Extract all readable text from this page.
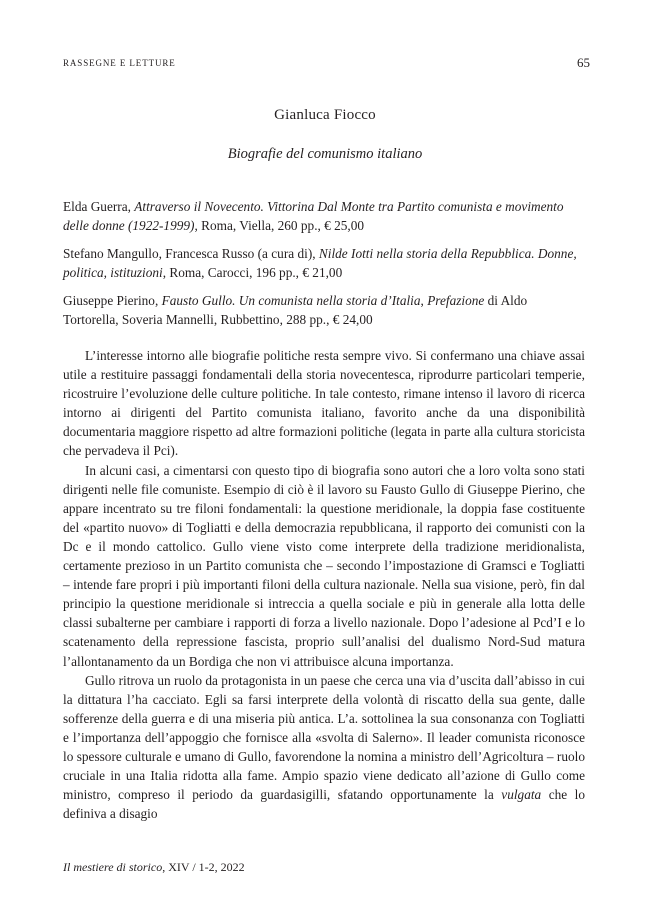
RASSEGNE E LETTURE	65
Gianluca Fiocco
Biografie del comunismo italiano

Elda Guerra, Attraverso il Novecento. Vittorina Dal Monte tra Partito comunista e movimento delle donne (1922-1999), Roma, Viella, 260 pp., € 25,00

Stefano Mangullo, Francesca Russo (a cura di), Nilde Iotti nella storia della Repubblica. Donne, politica, istituzioni, Roma, Carocci, 196 pp., € 21,00

Giuseppe Pierino, Fausto Gullo. Un comunista nella storia d’Italia, Prefazione di Aldo Tortorella, Soveria Mannelli, Rubbettino, 288 pp., € 24,00

L’interesse intorno alle biografie politiche resta sempre vivo. Si confermano una chiave assai utile a restituire passaggi fondamentali della storia novecentesca, riprodurre particolari temperie, ricostruire l’evoluzione delle culture politiche. In tale contesto, rimane intenso il lavoro di ricerca intorno ai dirigenti del Partito comunista italiano, favorito anche da una disponibilità documentaria maggiore rispetto ad altre formazioni politiche (legata in parte alla cultura storicista che pervadeva il Pci).

In alcuni casi, a cimentarsi con questo tipo di biografia sono autori che a loro volta sono stati dirigenti nelle file comuniste. Esempio di ciò è il lavoro su Fausto Gullo di Giuseppe Pierino, che appare incentrato su tre filoni fondamentali: la questione meridionale, la doppia fase costituente del «partito nuovo» di Togliatti e della democrazia repubblicana, il rapporto dei comunisti con la Dc e il mondo cattolico. Gullo viene visto come interprete della tradizione meridionalista, certamente prezioso in un Partito comunista che – secondo l’impostazione di Gramsci e Togliatti – intende fare propri i più importanti filoni della cultura nazionale. Nella sua visione, però, fin dal principio la questione meridionale si intreccia a quella sociale e più in generale alla lotta delle classi subalterne per cambiare i rapporti di forza a livello nazionale. Dopo l’adesione al Pcd’I e lo scatenamento della repressione fascista, proprio sull’analisi del dualismo Nord-Sud matura l’allontanamento da un Bordiga che non vi attribuisce alcuna importanza.

Gullo ritrova un ruolo da protagonista in un paese che cerca una via d’uscita dall’abisso in cui la dittatura l’ha cacciato. Egli sa farsi interprete della volontà di riscatto della sua gente, dalle sofferenze della guerra e di una miseria più antica. L’a. sottolinea la sua consonanza con Togliatti e l’importanza dell’appoggio che fornisce alla «svolta di Salerno». Il leader comunista riconosce lo spessore culturale e umano di Gullo, favorendone la nomina a ministro dell’Agricoltura – ruolo cruciale in una Italia ridotta alla fame. Ampio spazio viene dedicato all’azione di Gullo come ministro, compreso il periodo da guardasigilli, sfatando opportunamente la vulgata che lo definiva a disagio

Il mestiere di storico, XIV / 1-2, 2022
